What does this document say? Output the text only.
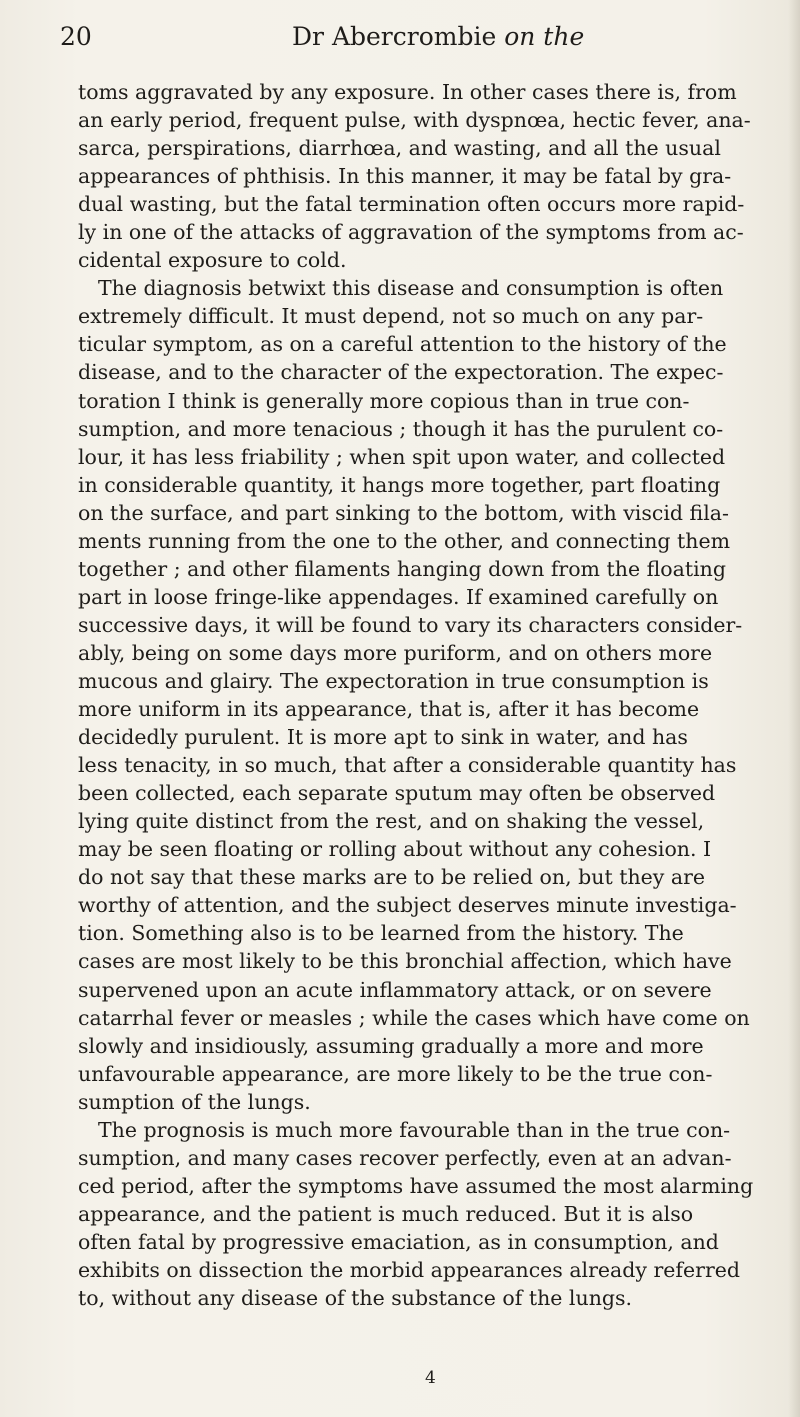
20	Dr Abercrombie on the
toms aggravated by any exposure. In other cases there is, from
an early period, frequent pulse, with dyspnœa, hectic fever, ana-
sarca, perspirations, diarrhœa, and wasting, and all the usual
appearances of phthisis. In this manner, it may be fatal by gra-
dual wasting, but the fatal termination often occurs more rapid-
ly in one of the attacks of aggravation of the symptoms from ac-
cidental exposure to cold.
The diagnosis betwixt this disease and consumption is often
extremely difficult. It must depend, not so much on any par-
ticular symptom, as on a careful attention to the history of the
disease, and to the character of the expectoration. The expec-
toration I think is generally more copious than in true con-
sumption, and more tenacious ; though it has the purulent co-
lour, it has less friability ; when spit upon water, and collected
in considerable quantity, it hangs more together, part floating
on the surface, and part sinking to the bottom, with viscid fila-
ments running from the one to the other, and connecting them
together ; and other filaments hanging down from the floating
part in loose fringe-like appendages. If examined carefully on
successive days, it will be found to vary its characters consider-
ably, being on some days more puriform, and on others more
mucous and glairy. The expectoration in true consumption is
more uniform in its appearance, that is, after it has become
decidedly purulent. It is more apt to sink in water, and has
less tenacity, in so much, that after a considerable quantity has
been collected, each separate sputum may often be observed
lying quite distinct from the rest, and on shaking the vessel,
may be seen floating or rolling about without any cohesion. I
do not say that these marks are to be relied on, but they are
worthy of attention, and the subject deserves minute investiga-
tion. Something also is to be learned from the history. The
cases are most likely to be this bronchial affection, which have
supervened upon an acute inflammatory attack, or on severe
catarrhal fever or measles ; while the cases which have come on
slowly and insidiously, assuming gradually a more and more
unfavourable appearance, are more likely to be the true con-
sumption of the lungs.
The prognosis is much more favourable than in the true con-
sumption, and many cases recover perfectly, even at an advan-
ced period, after the symptoms have assumed the most alarming
appearance, and the patient is much reduced. But it is also
often fatal by progressive emaciation, as in consumption, and
exhibits on dissection the morbid appearances already referred
to, without any disease of the substance of the lungs.
4
